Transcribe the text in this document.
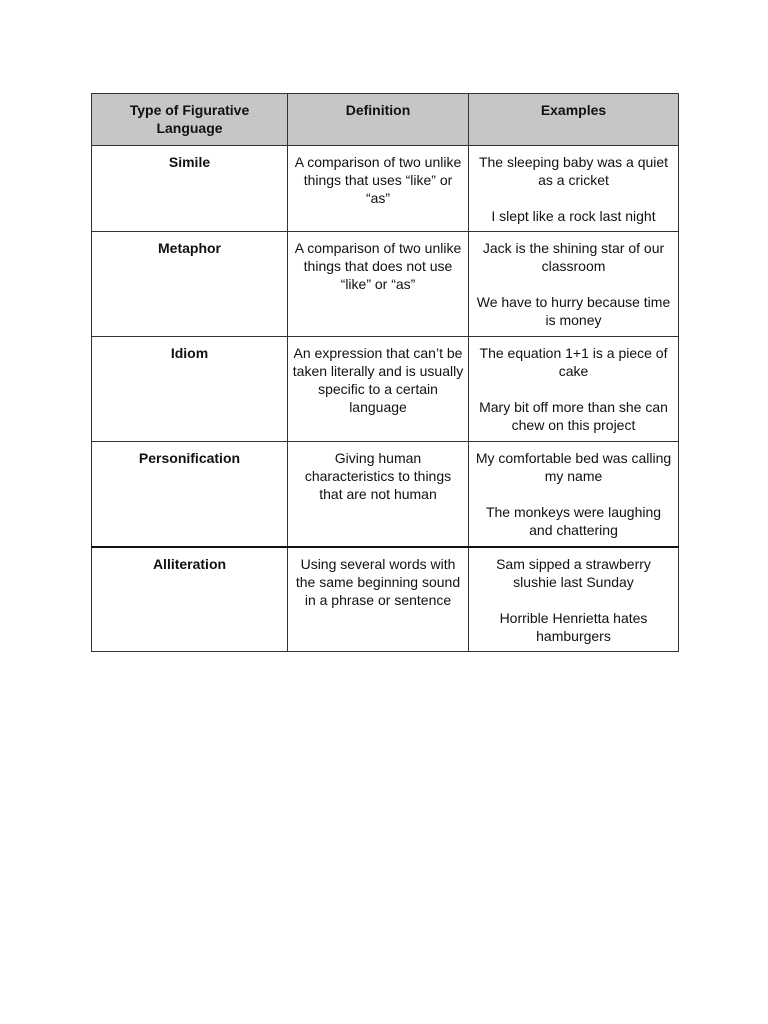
Type of Figurative Language	Definition	Examples
Simile	A comparison of two unlike things that uses “like” or “as”	The sleeping baby was a quiet as a cricket

I slept like a rock last night

Metaphor	A comparison of two unlike things that does not use “like” or “as”	Jack is the shining star of our classroom

We have to hurry because time is money

Idiom	An expression that can’t be taken literally and is usually specific to a certain language	The equation 1+1 is a piece of cake

Mary bit off more than she can chew on this project

Personification	Giving human characteristics to things that are not human	My comfortable bed was calling my name

The monkeys were laughing and chattering

Alliteration	Using several words with the same beginning sound in a phrase or sentence	Sam sipped a strawberry slushie last Sunday

Horrible Henrietta hates hamburgers
